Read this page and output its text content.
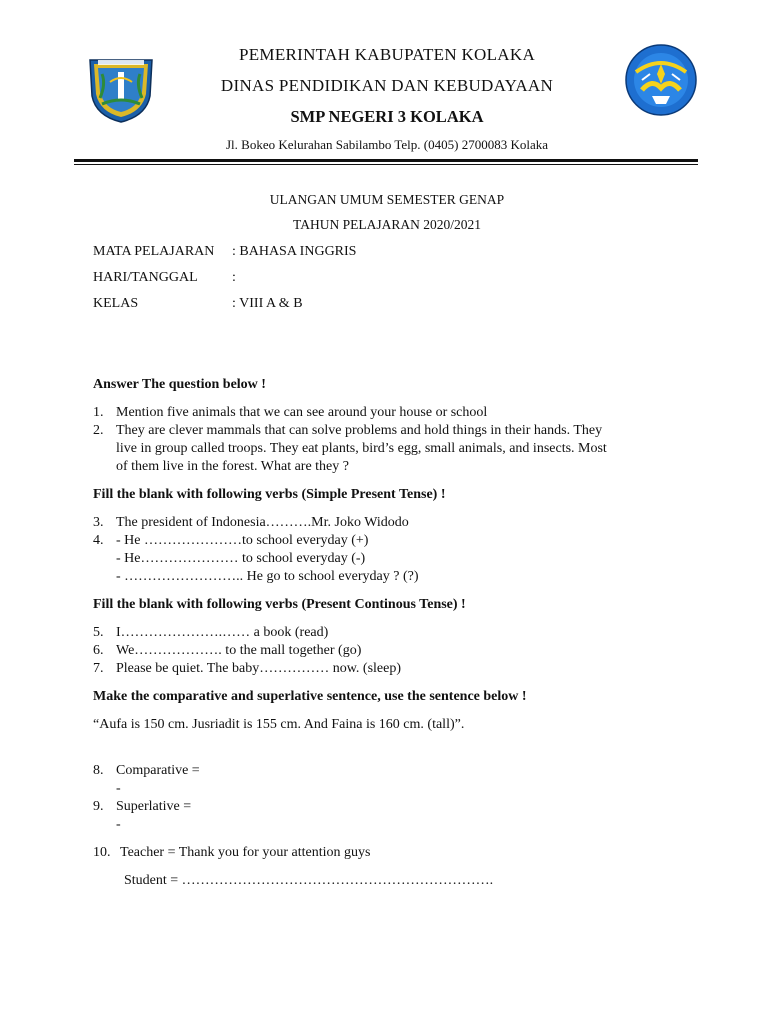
PEMERINTAH KABUPATEN KOLAKA
DINAS PENDIDIKAN DAN KEBUDAYAAN
SMP NEGERI 3 KOLAKA
Jl. Bokeo Kelurahan Sabilambo Telp. (0405) 2700083 Kolaka
ULANGAN UMUM SEMESTER GENAP
TAHUN PELAJARAN 2020/2021
MATA PELAJARAN : BAHASA INGGRIS
HARI/TANGGAL :
KELAS	: VIII A & B
Answer The question below !
1. Mention five animals that we can see around your house or school
2. They are clever mammals that can solve problems and hold things in their hands. They
live in group called troops. They eat plants, bird’s egg, small animals, and insects. Most
of them live in the forest. What are they ?
Fill the blank with following verbs (Simple Present Tense) !
3. The president of Indonesia……….Mr. Joko Widodo
4. - He …………………to school everyday (+)
- He………………… to school everyday (-)
- …………………….. He go to school everyday ? (?)
Fill the blank with following verbs (Present Continous Tense) !
5. I………………….…… a book (read)
6. We………………. to the mall together (go)
7. Please be quiet. The baby…………… now. (sleep)
Make the comparative and superlative sentence, use the sentence below !
“Aufa is 150 cm. Jusriadit is 155 cm. And Faina is 160 cm. (tall)”.
8. Comparative =
-
9. Superlative =
-
10. Teacher = Thank you for your attention guys
Student = ………………………………………………………….
